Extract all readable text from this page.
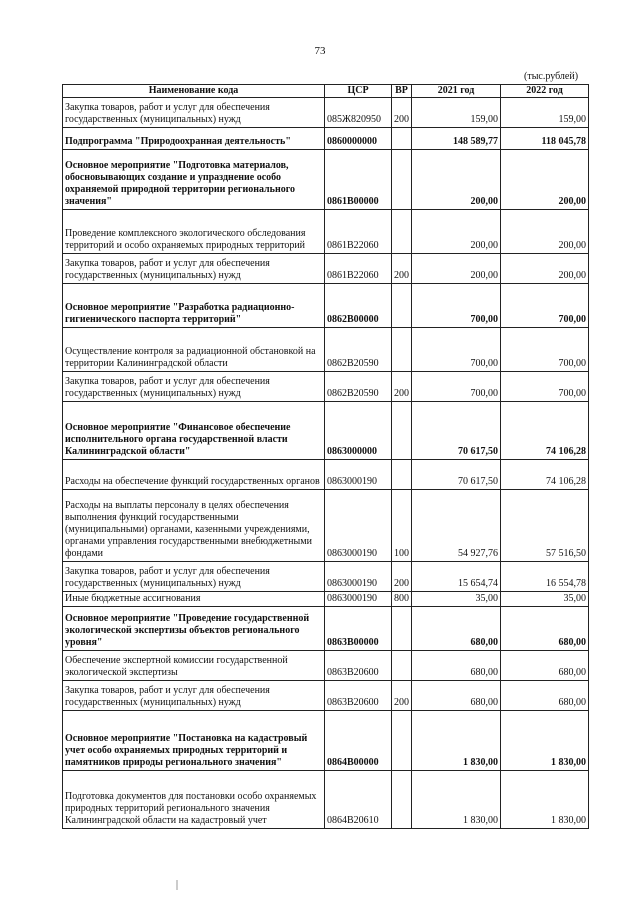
73
(тыс.рублей)
Наименование кода	ЦСР	ВР	2021 год	2022 год
Закупка товаров, работ и услуг для обеспечения государственных (муниципальных) нужд	085Ж820950	200	159,00	159,00
Подпрограмма "Природоохранная деятельность"	0860000000		148 589,77	118 045,78
Основное мероприятие "Подготовка материалов, обосновывающих создание и упразднение особо охраняемой природной территории регионального значения"	0861B00000		200,00	200,00
Проведение комплексного экологического обследования территорий и особо охраняемых природных территорий	0861B22060		200,00	200,00
Закупка товаров, работ и услуг для обеспечения государственных (муниципальных) нужд	0861B22060	200	200,00	200,00
Основное мероприятие "Разработка радиационно-гигиенического паспорта территорий"	0862B00000		700,00	700,00
Осуществление контроля за радиационной обстановкой на территории Калининградской области	0862B20590		700,00	700,00
Закупка товаров, работ и услуг для обеспечения государственных (муниципальных) нужд	0862B20590	200	700,00	700,00
Основное мероприятие "Финансовое обеспечение исполнительного органа государственной власти Калининградской области"	0863000000		70 617,50	74 106,28
Расходы на обеспечение функций государственных органов	0863000190		70 617,50	74 106,28
Расходы на выплаты персоналу в целях обеспечения выполнения функций государственными (муниципальными) органами, казенными учреждениями, органами управления государственными внебюджетными фондами	0863000190	100	54 927,76	57 516,50
Закупка товаров, работ и услуг для обеспечения государственных (муниципальных) нужд	0863000190	200	15 654,74	16 554,78
Иные бюджетные ассигнования	0863000190	800	35,00	35,00
Основное мероприятие "Проведение государственной экологической экспертизы объектов регионального уровня"	0863B00000		680,00	680,00
Обеспечение экспертной комиссии государственной экологической экспертизы	0863B20600		680,00	680,00
Закупка товаров, работ и услуг для обеспечения государственных (муниципальных) нужд	0863B20600	200	680,00	680,00
Основное мероприятие "Постановка на кадастровый учет особо охраняемых природных территорий и памятников природы регионального значения"	0864B00000		1 830,00	1 830,00
Подготовка документов для постановки особо охраняемых природных территорий регионального значения Калининградской области на кадастровый учет	0864B20610		1 830,00	1 830,00
